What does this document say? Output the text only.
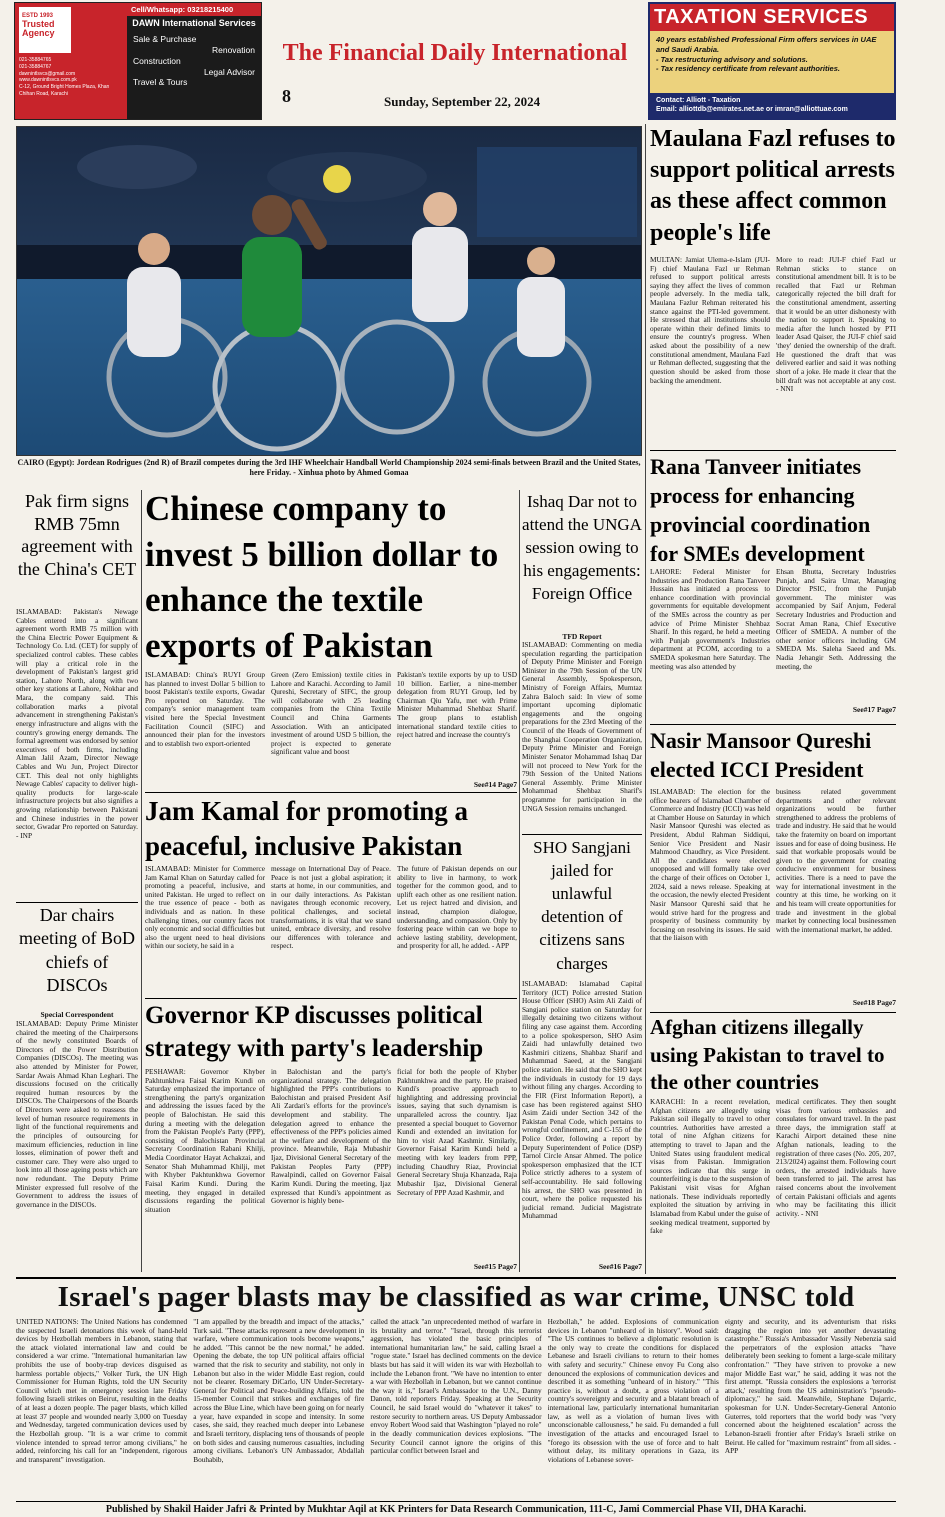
ESTD 1993
Trusted Agency
021-35884765
021-35884767
dawnintlsvcs@gmail.com
www.dawnintlsvcs.com.pk
C-12, Ground Bright Homes Plaza, Khan Chihan Road, Karachi
Cell/Whatsapp: 03218215400
DAWN International Services
Sale & Purchase
Renovation
Construction
Legal Advisor
Travel & Tours
The Financial Daily International
8	Sunday, September 22, 2024
TAXATION SERVICES
40 years established Professional Firm offers services in UAE and Saudi Arabia.
- Tax restructuring advisory and solutions.
- Tax residency certificate from relevant authorities.
Contact: Alliott - Taxation
Email: alliottdb@emirates.net.ae or imran@alliottuae.com
CAIRO (Egypt): Jordean Rodrigues (2nd R) of Brazil competes during the 3rd IHF Wheelchair Handball World Championship 2024 semi-finals between Brazil and the United States, here Friday. - Xinhua photo by Ahmed Gomaa
Maulana Fazl refuses to support political arrests as these affect common people's life
MULTAN: Jamiat Ulema-e-Islam (JUI-F) chief Maulana Fazl ur Rehman refused to support political arrests saying they affect the lives of common people adversely. In the media talk, Maulana Fazlur Rehman reiterated his stance against the PTI-led government. He stressed that all institutions should operate within their defined limits to ensure the country's progress. When asked about the possibility of a new constitutional amendment, Maulana Fazl ur Rehman deflected, suggesting that the question should be asked from those backing the amendment.
More to read: JUI-F chief Fazl ur Rehman sticks to stance on constitutional amendment bill. It is to be recalled that Fazl ur Rehman categorically rejected the bill draft for the constitutional amendment, asserting that it would be an utter dishonesty with the nation to support it. Speaking to media after the lunch hosted by PTI leader Asad Qaiser, the JUI-F chief said 'they' denied the ownership of the draft. He questioned the draft that was delivered earlier and said it was nothing short of a joke. He made it clear that the bill draft was not acceptable at any cost. - NNI
Rana Tanveer initiates process for enhancing provincial coordination for SMEs development
LAHORE: Federal Minister for Industries and Production Rana Tanveer Hussain has initiated a process to enhance coordination with provincial governments for equitable development of the SMEs across the country as per advice of Prime Minister Shehbaz Sharif. In this regard, he held a meeting with Punjab government's Industries department at PCOM, according to a SMEDA spokesman here Saturday. The meeting was also attended by
Ehsan Bhutta, Secretary Industries Punjab, and Saira Umar, Managing Director PSIC, from the Punjab government. The minister was accompanied by Saif Anjum, Federal Secretary Industries and Production and Socrat Aman Rana, Chief Executive Officer of SMEDA. A number of the other senior officers including GM SMEDA Ms. Saleha Saeed and Ms. Nadia Jehangir Seth. Addressing the meeting, the
See#17 Page7
Nasir Mansoor Qureshi elected ICCI President
ISLAMABAD: The election for the office bearers of Islamabad Chamber of Commerce and Industry (ICCI) was held at Chamber House on Saturday in which Nasir Mansoor Qureshi was elected as President, Abdul Rahman Siddiqui, Senior Vice President and Nasir Mahmood Chaudhry, as Vice President. All the candidates were elected unopposed and will formally take over the charge of their offices on October 1, 2024, said a news release. Speaking at the occasion, the newly elected President Nasir Mansoor Qureshi said that he would strive hard for the progress and prosperity of business community by focusing on resolving its issues. He said that the liaison with
business related government departments and other relevant organizations would be further strengthened to address the problems of trade and industry. He said that he would take the fraternity on board on important issues and for ease of doing business. He said that workable proposals would be given to the government for creating conducive environment for business activities. There is a need to pave the way for international investment in the country at this time, he working on it and his team will create opportunities for trade and investment in the global market by connecting local businessmen with the international market, he added.
See#18 Page7
Afghan citizens illegally using Pakistan to travel to the other countries
KARACHI: In a recent revelation, Afghan citizens are allegedly using Pakistan soil illegally to travel to other countries. Authorities have arrested a total of nine Afghan citizens for attempting to travel to Japan and the United States using fraudulent medical visas from Pakistan. Immigration sources indicate that this surge in counterfeiting is due to the suspension of Pakistani visit visas for Afghan nationals. These individuals reportedly exploited the situation by arriving in Islamabad from Kabul under the guise of seeking medical treatment, supported by fake
medical certificates. They then sought visas from various embassies and consulates for onward travel. In the past three days, the immigration staff at Karachi Airport detained these nine Afghan nationals, leading to the registration of three cases (No. 205, 207, 213/2024) against them. Following court orders, the arrested individuals have been transferred to jail. The arrest has raised concerns about the involvement of certain Pakistani officials and agents who may be facilitating this illicit activity. - NNI
Pak firm signs RMB 75mn agreement with the China's CET
ISLAMABAD: Pakistan's Newage Cables entered into a significant agreement worth RMB 75 million with the China Electric Power Equipment & Technology Co. Ltd. (CET) for supply of specialized control cables. These cables will play a critical role in the development of Pakistan's largest grid station, Lahore North, along with two other key stations at Lahore, Nokhar and Mara, the company said. This collaboration marks a pivotal advancement in strengthening Pakistan's energy infrastructure and aligns with the country's growing energy demands. The formal agreement was endorsed by senior executives of both firms, including Alman Jalil Azam, Director Newage Cables and Wu Jun, Project Director CET. This deal not only highlights Newage Cables' capacity to deliver high-quality products for large-scale infrastructure projects but also signifies a growing relationship between Pakistani and Chinese industries in the power sector, Gwadar Pro reported on Saturday. - INP
Dar chairs meeting of BoD chiefs of DISCOs
Special Correspondent
ISLAMABAD: Deputy Prime Minister chaired the meeting of the Chairpersons of the newly constituted Boards of Directors of the Power Distribution Companies (DISCOs). The meeting was also attended by Minister for Power, Sardar Awais Ahmad Khan Leghari. The discussions focused on the critically required human resources by the DISCOs. The Chairpersons of the Boards of Directors were asked to reassess the level of human resource requirements in light of the functional requirements and the principles of outsourcing for maximum efficiencies, reduction in line losses, elimination of power theft and customer care. They were also urged to look into all those ageing posts which are now redundant. The Deputy Prime Minister expressed full resolve of the Government to address the issues of governance in the DISCOs.
Chinese company to invest 5 billion dollar to enhance the textile exports of Pakistan
ISLAMABAD: China's RUYI Group has planned to invest Dollar 5 billion to boost Pakistan's textile exports, Gwadar Pro reported on Saturday. The company's senior management team visited here the Special Investment Facilitation Council (SIFC) and announced their plan for the investors and to establish two export-oriented
Green (Zero Emission) textile cities in Lahore and Karachi. According to Jamil Qureshi, Secretary of SIFC, the group will collaborate with 25 leading companies from the China Textile Council and China Garments Association. With an anticipated investment of around USD 5 billion, the project is expected to generate significant value and boost
Pakistan's textile exports by up to USD 10 billion. Earlier, a nine-member delegation from RUYI Group, led by Chairman Qiu Yafu, met with Prime Minister Muhammad Shehbaz Sharif. The group plans to establish international standard textile cities to reject hatred and increase the country's
See#14 Page7
Jam Kamal for promoting a peaceful, inclusive Pakistan
ISLAMABAD: Minister for Commerce Jam Kamal Khan on Saturday called for promoting a peaceful, inclusive, and united Pakistan. He urged to reflect on the true essence of peace - both as individuals and as nation. In these challenging times, our country faces not only economic and social difficulties but also the urgent need to heal divisions within our society, he said in a
message on International Day of Peace. Peace is not just a global aspiration; it starts at home, in our communities, and in our daily interactions. As Pakistan navigates through economic recovery, political challenges, and societal transformations, it is vital that we stand united, embrace diversity, and resolve our differences with tolerance and respect.
The future of Pakistan depends on our ability to live in harmony, to work together for the common good, and to uplift each other as one resilient nation. Let us reject hatred and division, and instead, champion dialogue, understanding, and compassion. Only by fostering peace within can we hope to achieve lasting stability, development, and prosperity for all, he added. - APP
Governor KP discusses political strategy with party's leadership
PESHAWAR: Governor Khyber Pakhtunkhwa Faisal Karim Kundi on Saturday emphasized the importance of strengthening the party's organization and addressing the issues faced by the people of Balochistan. He said this during a meeting with the delegation from the Pakistan People's Party (PPP), consisting of Balochistan Provincial Secretary Coordination Rabani Khilji, Media Coordinator Hayat Achakzai, and Senator Shah Muhammad Khilji, met with Khyber Pakhtunkhwa Governor Faisal Karim Kundi. During the meeting, they engaged in detailed discussions regarding the political situation
in Balochistan and the party's organizational strategy. The delegation highlighted the PPP's contributions to Balochistan and praised President Asif Ali Zardari's efforts for the province's development and stability. The delegation agreed to enhance the effectiveness of the PPP's policies aimed at the welfare and development of the province. Meanwhile, Raja Mubashir Ijaz, Divisional General Secretary of the Pakistan Peoples Party (PPP) Rawalpindi, called on Governor Faisal Karim Kundi. During the meeting, Ijaz expressed that Kundi's appointment as Governor is highly bene-
ficial for both the people of Khyber Pakhtunkhwa and the party. He praised Kundi's proactive approach to highlighting and addressing provincial issues, saying that such dynamism is unparalleled across the country. Ijaz presented a special bouquet to Governor Kundi and extended an invitation for him to visit Azad Kashmir. Similarly, Governor Faisal Karim Kundi held a meeting with key leaders from PPP, including Chaudhry Riaz, Provincial General Secretary Shuja Khanzada, Raja Mubashir Ijaz, Divisional General Secretary of PPP Azad Kashmir, and
See#15 Page7
Ishaq Dar not to attend the UNGA session owing to his engagements: Foreign Office
TFD Report
ISLAMABAD: Commenting on media speculation regarding the participation of Deputy Prime Minister and Foreign Minister in the 79th Session of the UN General Assembly, Spokesperson, Ministry of Foreign Affairs, Mumtaz Zahra Baloch said: In view of some important upcoming diplomatic engagements and the ongoing preparations for the 23rd Meeting of the Council of the Heads of Government of the Shanghai Cooperation Organization, Deputy Prime Minister and Foreign Minister Senator Mohammad Ishaq Dar will not proceed to New York for the 79th Session of the United Nations General Assembly. Prime Minister Mohammad Shehbaz Sharif's programme for participation in the UNGA Session remains unchanged.
SHO Sangjani jailed for unlawful detention of citizens sans charges
ISLAMABAD: Islamabad Capital Territory (ICT) Police arrested Station House Officer (SHO) Asim Ali Zaidi of Sangjani police station on Saturday for illegally detaining two citizens without filing any case against them. According to a police spokesperson, SHO Asim Zaidi had unlawfully detained two Kashmiri citizens, Shahbaz Sharif and Muhammad Saeed, at the Sangjani police station. He said that the SHO kept the individuals in custody for 19 days without filing any charges. According to the FIR (First Information Report), a case has been registered against SHO Asim Zaidi under Section 342 of the Pakistan Penal Code, which pertains to wrongful confinement, and C-155 of the Police Order, following a report by Deputy Superintendent of Police (DSP) Tarnol Circle Ansar Ahmed. The police spokesperson emphasized that the ICT Police strictly adheres to a system of self-accountability. He said following his arrest, the SHO was presented in court, where the police requested his judicial remand. Judicial Magistrate Muhammad
See#16 Page7
Israel's pager blasts may be classified as war crime, UNSC told
UNITED NATIONS: The United Nations has condemned the suspected Israeli detonations this week of hand-held devices by Hezbollah members in Lebanon, stating that the attack violated international law and could be considered a war crime. "International humanitarian law prohibits the use of booby-trap devices disguised as harmless portable objects," Volker Turk, the UN High Commissioner for Human Rights, told the UN Security Council which met in emergency session late Friday following Israeli strikes on Beirut, resulting in the deaths of at least a dozen people. The pager blasts, which killed at least 37 people and wounded nearly 3,000 on Tuesday and Wednesday, targeted communication devices used by the Hezbollah group. "It is a war crime to commit violence intended to spread terror among civilians," he added, reinforcing his call for an "independent, rigorous and transparent" investigation.
"I am appalled by the breadth and impact of the attacks," Turk said. "These attacks represent a new development in warfare, where communication tools become weapons," he added. "This cannot be the new normal," he added. Opening the debate, the top UN political affairs official warned that the risk to security and stability, not only in Lebanon but also in the wider Middle East region, could not be clearer. Rosemary DiCarlo, UN Under-Secretary-General for Political and Peace-building Affairs, told the 15-member Council that strikes and exchanges of fire across the Blue Line, which have been going on for nearly a year, have expanded in scope and intensity. In some cases, she said, they reached much deeper into Lebanese and Israeli territory, displacing tens of thousands of people on both sides and causing numerous casualties, including among civilians. Lebanon's UN Ambassador, Abdallah Bouhabib,
called the attack "an unprecedented method of warfare in its brutality and terror." "Israel, through this terrorist aggression, has violated the basic principles of international humanitarian law," he said, calling Israel a "rogue state." Israel has declined comments on the device blasts but has said it will widen its war with Hezbollah to include the Lebanon front. "We have no intention to enter a war with Hezbollah in Lebanon, but we cannot continue the way it is," Israel's Ambassador to the U.N., Danny Danon, told reporters Friday. Speaking at the Security Council, he said Israel would do "whatever it takes" to restore security to northern areas. US Deputy Ambassador envoy Robert Wood said that Washington "played no role" in the deadly communication devices explosions. "The Security Council cannot ignore the origins of this particular conflict between Israel and
Hezbollah," he added. Explosions of communication devices in Lebanon "unheard of in history". Wood said: "The US continues to believe a diplomatic resolution is the only way to create the conditions for displaced Lebanese and Israeli civilians to return to their homes with safety and security." Chinese envoy Fu Cong also denounced the explosions of communication devices and described it as something "unheard of in history." "This practice is, without a doubt, a gross violation of a country's sovereignty and security and a blatant breach of international law, particularly international humanitarian law, as well as a violation of human lives with unconscionable callousness," he said. Fu demanded a full investigation of the attacks and encouraged Israel to "forego its obsession with the use of force and to halt without delay, its military operations in Gaza, its violations of Lebanese sover-
eignty and security, and its adventurism that risks dragging the region into yet another devastating catastrophe." Russia's Ambassador Vassily Nebenzia said the perpetrators of the explosion attacks "have deliberately been seeking to foment a large-scale military confrontation." "They have striven to provoke a new major Middle East war," he said, adding it was not the first attempt. "Russia considers the explosions a 'terrorist attack,' resulting from the US administration's "pseudo-diplomacy," he said. Meanwhile, Stephane Dujarric, spokesman for U.N. Under-Secretary-General Antonio Guterres, told reporters that the world body was "very concerned about the heightened escalation" across the Lebanon-Israeli frontier after Friday's Israeli strike on Beirut. He called for "maximum restraint" from all sides. - APP
Published by Shakil Haider Jafri & Printed by Mukhtar Aqil at KK Printers for Data Research Communication, 111-C, Jami Commercial Phase VII, DHA Karachi.
